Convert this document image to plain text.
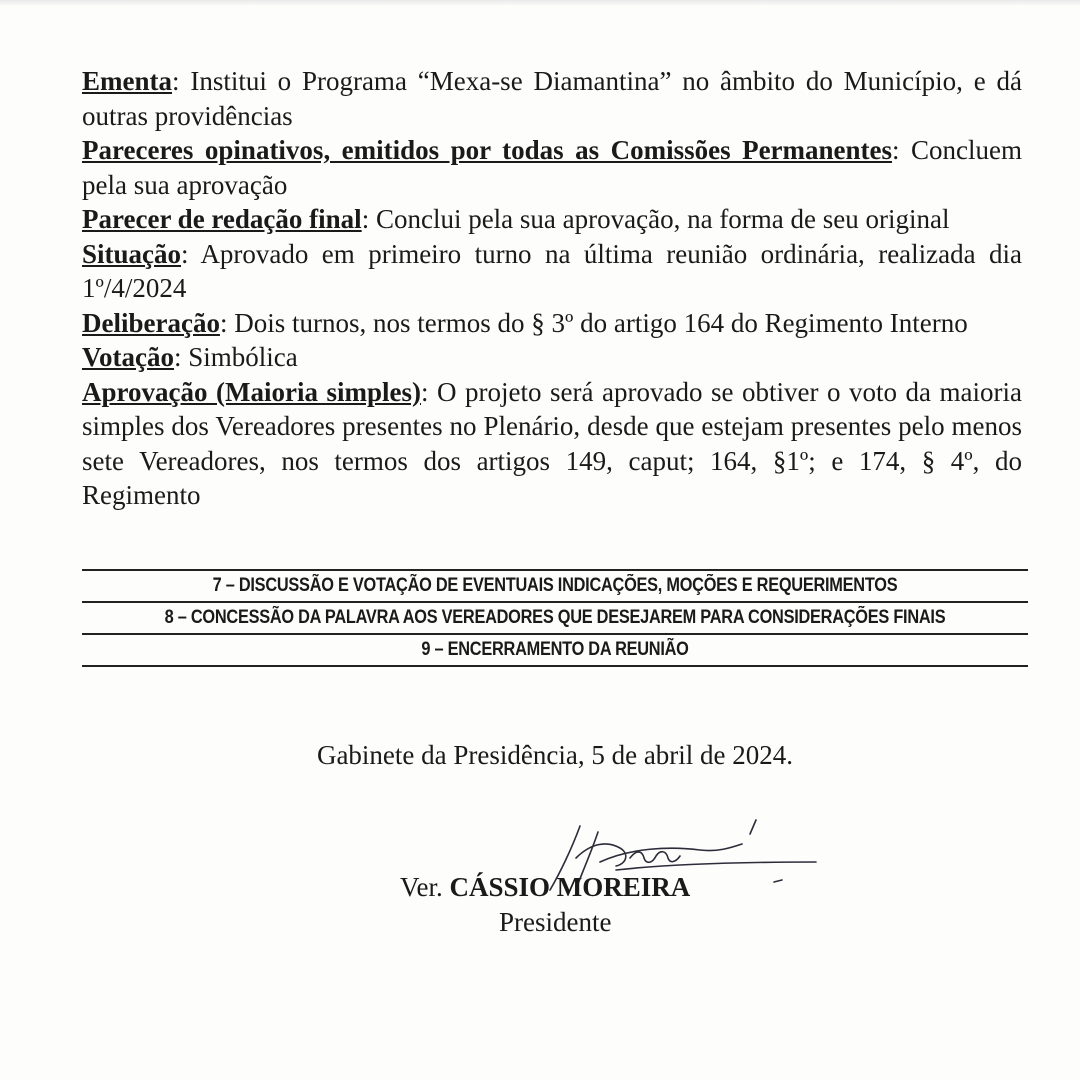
Ementa: Institui o Programa “Mexa-se Diamantina” no âmbito do Município, e dá outras providências

Pareceres opinativos, emitidos por todas as Comissões Permanentes: Concluem pela sua aprovação

Parecer de redação final: Conclui pela sua aprovação, na forma de seu original

Situação: Aprovado em primeiro turno na última reunião ordinária, realizada dia 1º/4/2024

Deliberação: Dois turnos, nos termos do § 3º do artigo 164 do Regimento Interno

Votação: Simbólica

Aprovação (Maioria simples): O projeto será aprovado se obtiver o voto da maioria simples dos Vereadores presentes no Plenário, desde que estejam presentes pelo menos sete Vereadores, nos termos dos artigos 149, caput; 164, §1º; e 174, § 4º, do Regimento

7 – DISCUSSÃO E VOTAÇÃO DE EVENTUAIS INDICAÇÕES, MOÇÕES E REQUERIMENTOS
8 – CONCESSÃO DA PALAVRA AOS VEREADORES QUE DESEJAREM PARA CONSIDERAÇÕES FINAIS
9 – ENCERRAMENTO DA REUNIÃO
Gabinete da Presidência, 5 de abril de 2024.
Ver. CÁSSIO MOREIRA
Presidente
